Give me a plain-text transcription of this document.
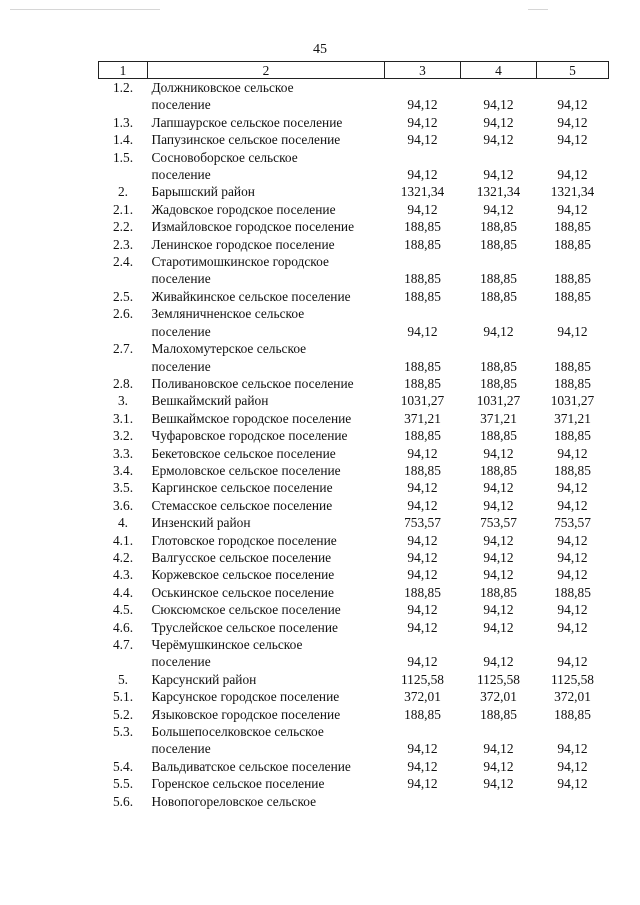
45
1	2	3	4	5
1.2.	Должниковское сельское			
	поселение	94,12	94,12	94,12
1.3.	Лапшаурское сельское поселение	94,12	94,12	94,12
1.4.	Папузинское сельское поселение	94,12	94,12	94,12
1.5.	Сосновоборское сельское			
	поселение	94,12	94,12	94,12
2.	Барышский район	1321,34	1321,34	1321,34
2.1.	Жадовское городское поселение	94,12	94,12	94,12
2.2.	Измайловское городское поселение	188,85	188,85	188,85
2.3.	Ленинское городское поселение	188,85	188,85	188,85
2.4.	Старотимошкинское городское			
	поселение	188,85	188,85	188,85
2.5.	Живайкинское сельское поселение	188,85	188,85	188,85
2.6.	Земляничненское сельское			
	поселение	94,12	94,12	94,12
2.7.	Малохомутерское сельское			
	поселение	188,85	188,85	188,85
2.8.	Поливановское сельское поселение	188,85	188,85	188,85
3.	Вешкаймский район	1031,27	1031,27	1031,27
3.1.	Вешкаймское городское поселение	371,21	371,21	371,21
3.2.	Чуфаровское городское поселение	188,85	188,85	188,85
3.3.	Бекетовское сельское поселение	94,12	94,12	94,12
3.4.	Ермоловское сельское поселение	188,85	188,85	188,85
3.5.	Каргинское сельское поселение	94,12	94,12	94,12
3.6.	Стемасское сельское поселение	94,12	94,12	94,12
4.	Инзенский район	753,57	753,57	753,57
4.1.	Глотовское городское поселение	94,12	94,12	94,12
4.2.	Валгусское сельское поселение	94,12	94,12	94,12
4.3.	Коржевское сельское поселение	94,12	94,12	94,12
4.4.	Оськинское сельское поселение	188,85	188,85	188,85
4.5.	Сюксюмское сельское поселение	94,12	94,12	94,12
4.6.	Труслейское сельское поселение	94,12	94,12	94,12
4.7.	Черёмушкинское сельское			
	поселение	94,12	94,12	94,12
5.	Карсунский район	1125,58	1125,58	1125,58
5.1.	Карсунское городское поселение	372,01	372,01	372,01
5.2.	Языковское городское поселение	188,85	188,85	188,85
5.3.	Большепоселковское сельское			
	поселение	94,12	94,12	94,12
5.4.	Вальдиватское сельское поселение	94,12	94,12	94,12
5.5.	Горенское сельское поселение	94,12	94,12	94,12
5.6.	Новопогореловское сельское			
